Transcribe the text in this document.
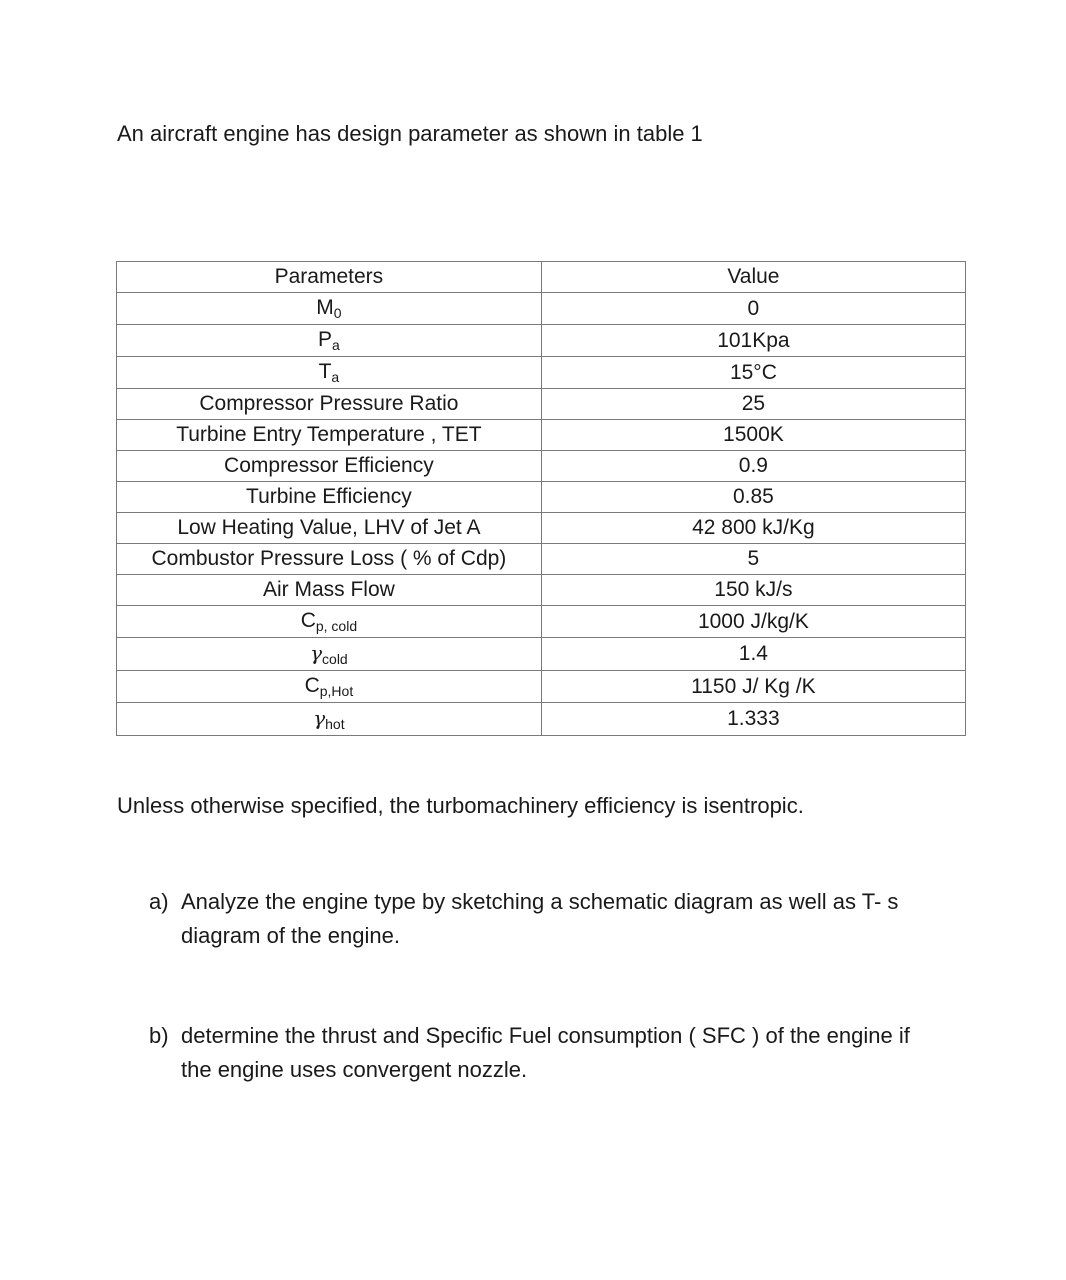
An aircraft engine has design parameter as shown in table 1
Parameters	Value
M0	0
Pa	101Kpa
Ta	15°C
Compressor Pressure Ratio	25
Turbine Entry Temperature , TET	1500K
Compressor Efficiency	0.9
Turbine Efficiency	0.85
Low Heating Value, LHV of Jet A	42 800 kJ/Kg
Combustor Pressure Loss ( % of Cdp)	5
Air Mass Flow	150 kJ/s
Cp, cold	1000 J/kg/K
γcold	1.4
Cp,Hot	1150 J/ Kg /K
γhot	1.333
Unless otherwise specified, the turbomachinery efficiency is isentropic.
a) Analyze the engine type by sketching a schematic diagram as well as T- s
diagram of the engine.
b) determine the thrust and Specific Fuel consumption ( SFC ) of the engine if
the engine uses convergent nozzle.
